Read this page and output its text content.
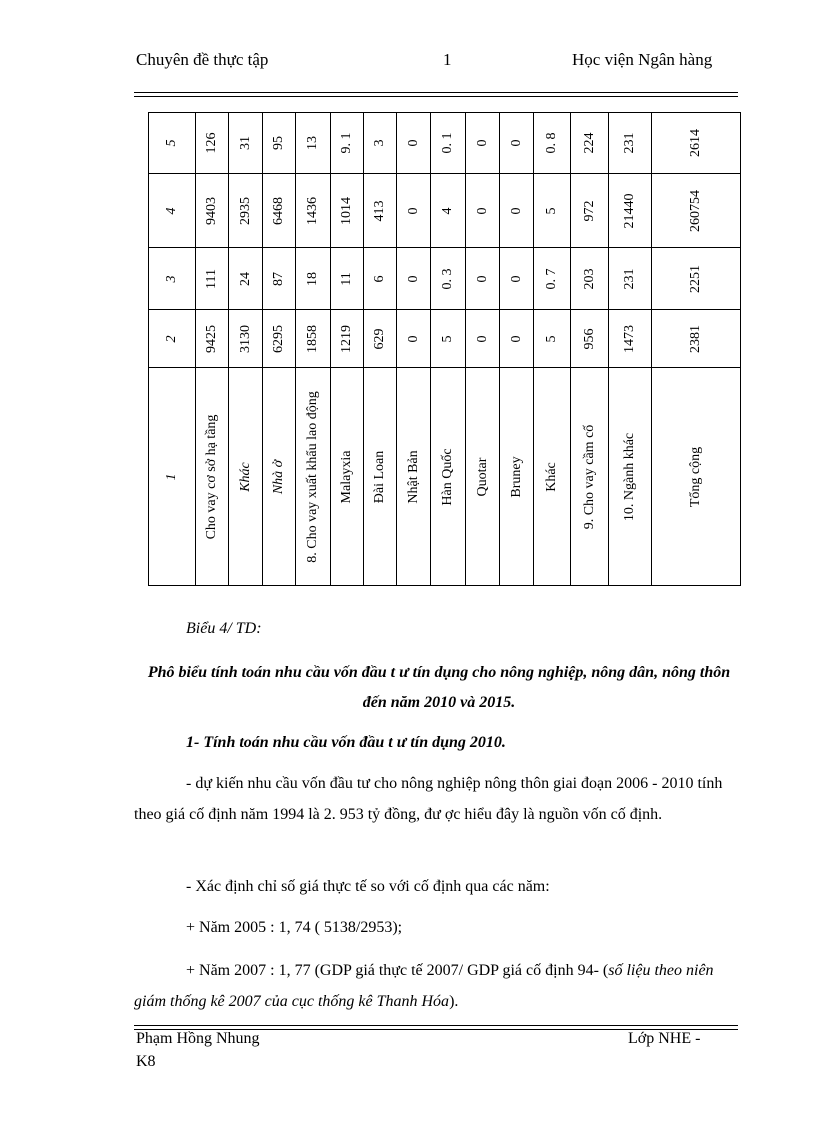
Chuyên đề thực tập	1	Học viện Ngân hàng
5	126	31	95	13	9. 1	3	0	0. 1	0	0	0. 8	224	231	2614

4	9403	2935	6468	1436	1014	413	0	4	0	0	5	972	21440	260754

3	111	24	87	18	11	6	0	0. 3	0	0	0. 7	203	231	2251

2	9425	3130	6295	1858	1219	629	0	5	0	0	5	956	1473	2381

1	Cho vay cơ sở hạ tầng	Khác	Nhà ở	8. Cho vay xuất khẩu lao động	Malayxia	Đài Loan	Nhật Bản	Hàn Quốc	Quotar	Bruney	Khác	9. Cho vay cầm cố	10. Ngành khác	Tổng cộng
Biểu 4/ TD:
Phô biểu tính toán nhu cầu vốn đầu t ư tín dụng cho nông nghiệp, nông dân, nông thôn đến năm 2010 và 2015.
1- Tính toán nhu cầu vốn đầu t ư tín dụng 2010.
- dự kiến nhu cầu vốn đầu tư cho nông nghiệp nông thôn giai đoạn 2006 - 2010 tính theo giá cố định năm 1994 là 2. 953 tỷ đồng, đư ợc hiểu đây là nguồn vốn cố định.
- Xác định chỉ số giá thực tế so với cố định qua các năm:
+ Năm 2005 : 1, 74 ( 5138/2953);
+ Năm 2007 : 1, 77 (GDP giá thực tế 2007/ GDP giá cố định 94- (số liệu theo niên giám thống kê 2007 của cục thống kê Thanh Hóa).
Phạm Hồng Nhung
K8
Lớp NHE -
